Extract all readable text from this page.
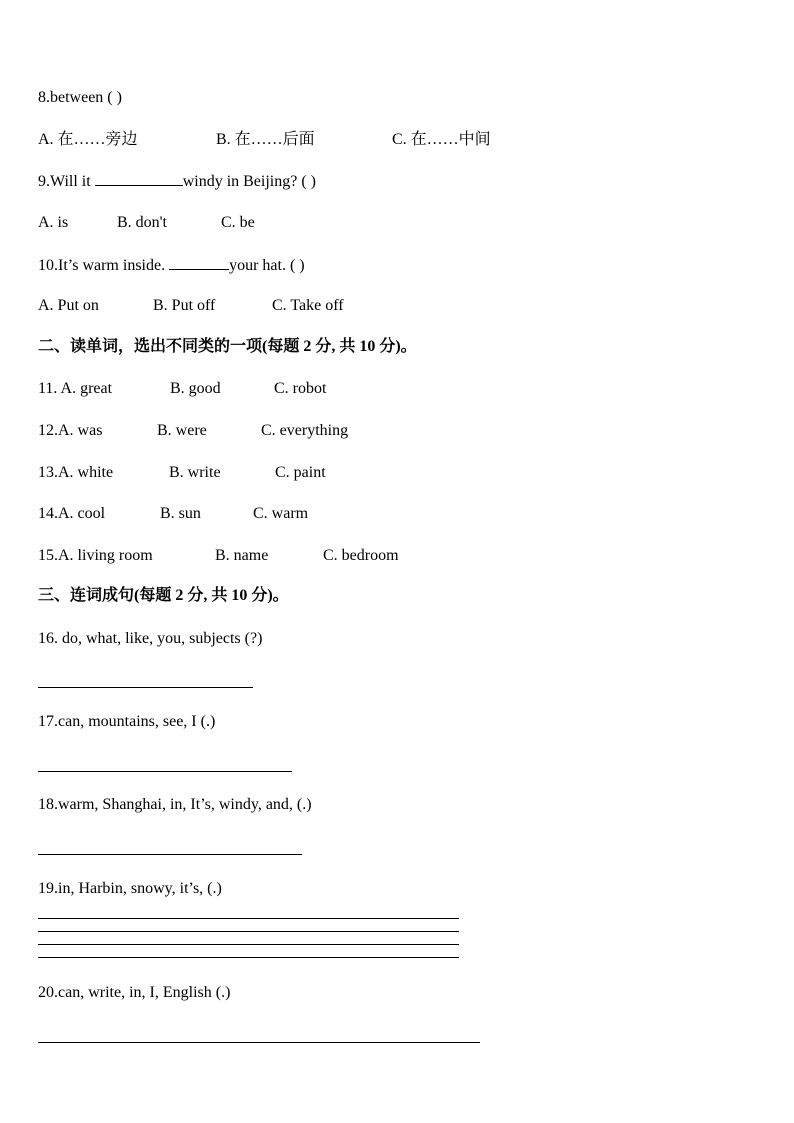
8.between ( )
A. 在……旁边	B. 在……后面	C. 在……中间
9.Will it	windy in Beijing? ( )
A. is	B. don't	C. be
10.It’s warm inside.	your hat. ( )
A. Put on	B. Put off	C. Take off
二、读单词，选出不同类的一项(每题 2 分, 共 10 分)。
11. A. great	B. good	C. robot
12.A. was	B. were	C. everything
13.A. white	B. write	C. paint
14.A. cool	B. sun	C. warm
15.A. living room	B. name	C. bedroom
三、连词成句(每题 2 分, 共 10 分)。
16. do, what, like, you, subjects (?)
17.can, mountains, see, I (.)
18.warm, Shanghai, in, It’s, windy, and, (.)
19.in, Harbin, snowy, it’s, (.)
20.can, write, in, I, English (.)
